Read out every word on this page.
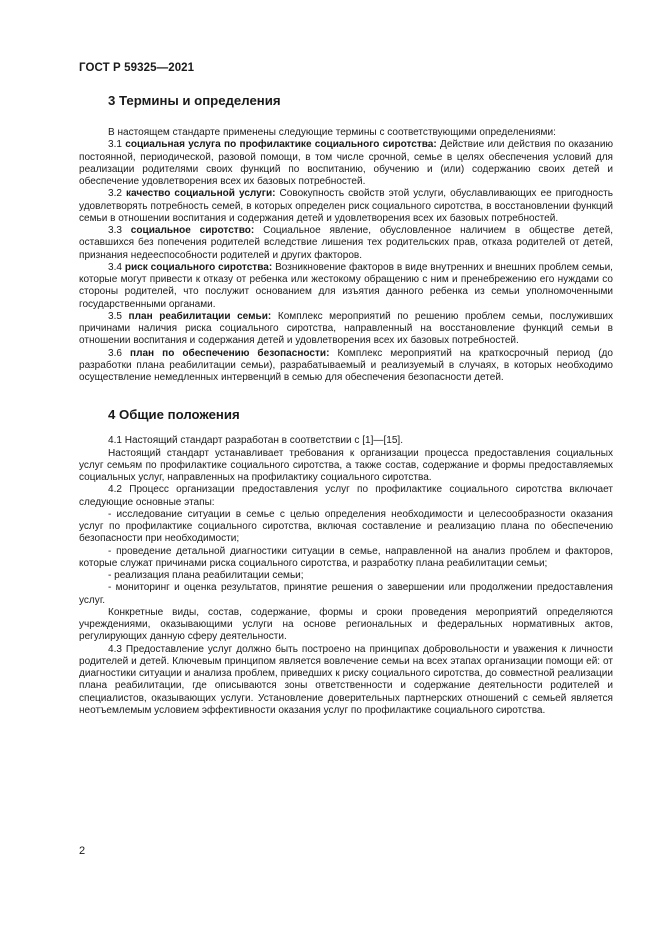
ГОСТ Р 59325—2021
3 Термины и определения

В настоящем стандарте применены следующие термины с соответствующими определениями:

3.1 социальная услуга по профилактике социального сиротства: Действие или действия по оказанию постоянной, периодической, разовой помощи, в том числе срочной, семье в целях обеспечения условий для реализации родителями своих функций по воспитанию, обучению и (или) содержанию своих детей и обеспечение удовлетворения всех их базовых потребностей.

3.2 качество социальной услуги: Совокупность свойств этой услуги, обуславливающих ее пригодность удовлетворять потребность семей, в которых определен риск социального сиротства, в восстановлении функций семьи в отношении воспитания и содержания детей и удовлетворения всех их базовых потребностей.

3.3 социальное сиротство: Социальное явление, обусловленное наличием в обществе детей, оставшихся без попечения родителей вследствие лишения тех родительских прав, отказа родителей от детей, признания недееспособности родителей и других факторов.

3.4 риск социального сиротства: Возникновение факторов в виде внутренних и внешних проблем семьи, которые могут привести к отказу от ребенка или жестокому обращению с ним и пренебрежению его нуждами со стороны родителей, что послужит основанием для изъятия данного ребенка из семьи уполномоченными государственными органами.

3.5 план реабилитации семьи: Комплекс мероприятий по решению проблем семьи, послуживших причинами наличия риска социального сиротства, направленный на восстановление функций семьи в отношении воспитания и содержания детей и удовлетворения всех их базовых потребностей.

3.6 план по обеспечению безопасности: Комплекс мероприятий на краткосрочный период (до разработки плана реабилитации семьи), разрабатываемый и реализуемый в случаях, в которых необходимо осуществление немедленных интервенций в семью для обеспечения безопасности детей.

4 Общие положения

4.1 Настоящий стандарт разработан в соответствии с [1]—[15].

Настоящий стандарт устанавливает требования к организации процесса предоставления социальных услуг семьям по профилактике социального сиротства, а также состав, содержание и формы предоставляемых социальных услуг, направленных на профилактику социального сиротства.

4.2 Процесс организации предоставления услуг по профилактике социального сиротства включает следующие основные этапы:

- исследование ситуации в семье с целью определения необходимости и целесообразности оказания услуг по профилактике социального сиротства, включая составление и реализацию плана по обеспечению безопасности при необходимости;

- проведение детальной диагностики ситуации в семье, направленной на анализ проблем и факторов, которые служат причинами риска социального сиротства, и разработку плана реабилитации семьи;

- реализация плана реабилитации семьи;

- мониторинг и оценка результатов, принятие решения о завершении или продолжении предоставления услуг.

Конкретные виды, состав, содержание, формы и сроки проведения мероприятий определяются учреждениями, оказывающими услуги на основе региональных и федеральных нормативных актов, регулирующих данную сферу деятельности.

4.3 Предоставление услуг должно быть построено на принципах добровольности и уважения к личности родителей и детей. Ключевым принципом является вовлечение семьи на всех этапах организации помощи ей: от диагностики ситуации и анализа проблем, приведших к риску социального сиротства, до совместной реализации плана реабилитации, где описываются зоны ответственности и содержание деятельности родителей и специалистов, оказывающих услуги. Установление доверительных партнерских отношений с семьей является неотъемлемым условием эффективности оказания услуг по профилактике социального сиротства.

2
